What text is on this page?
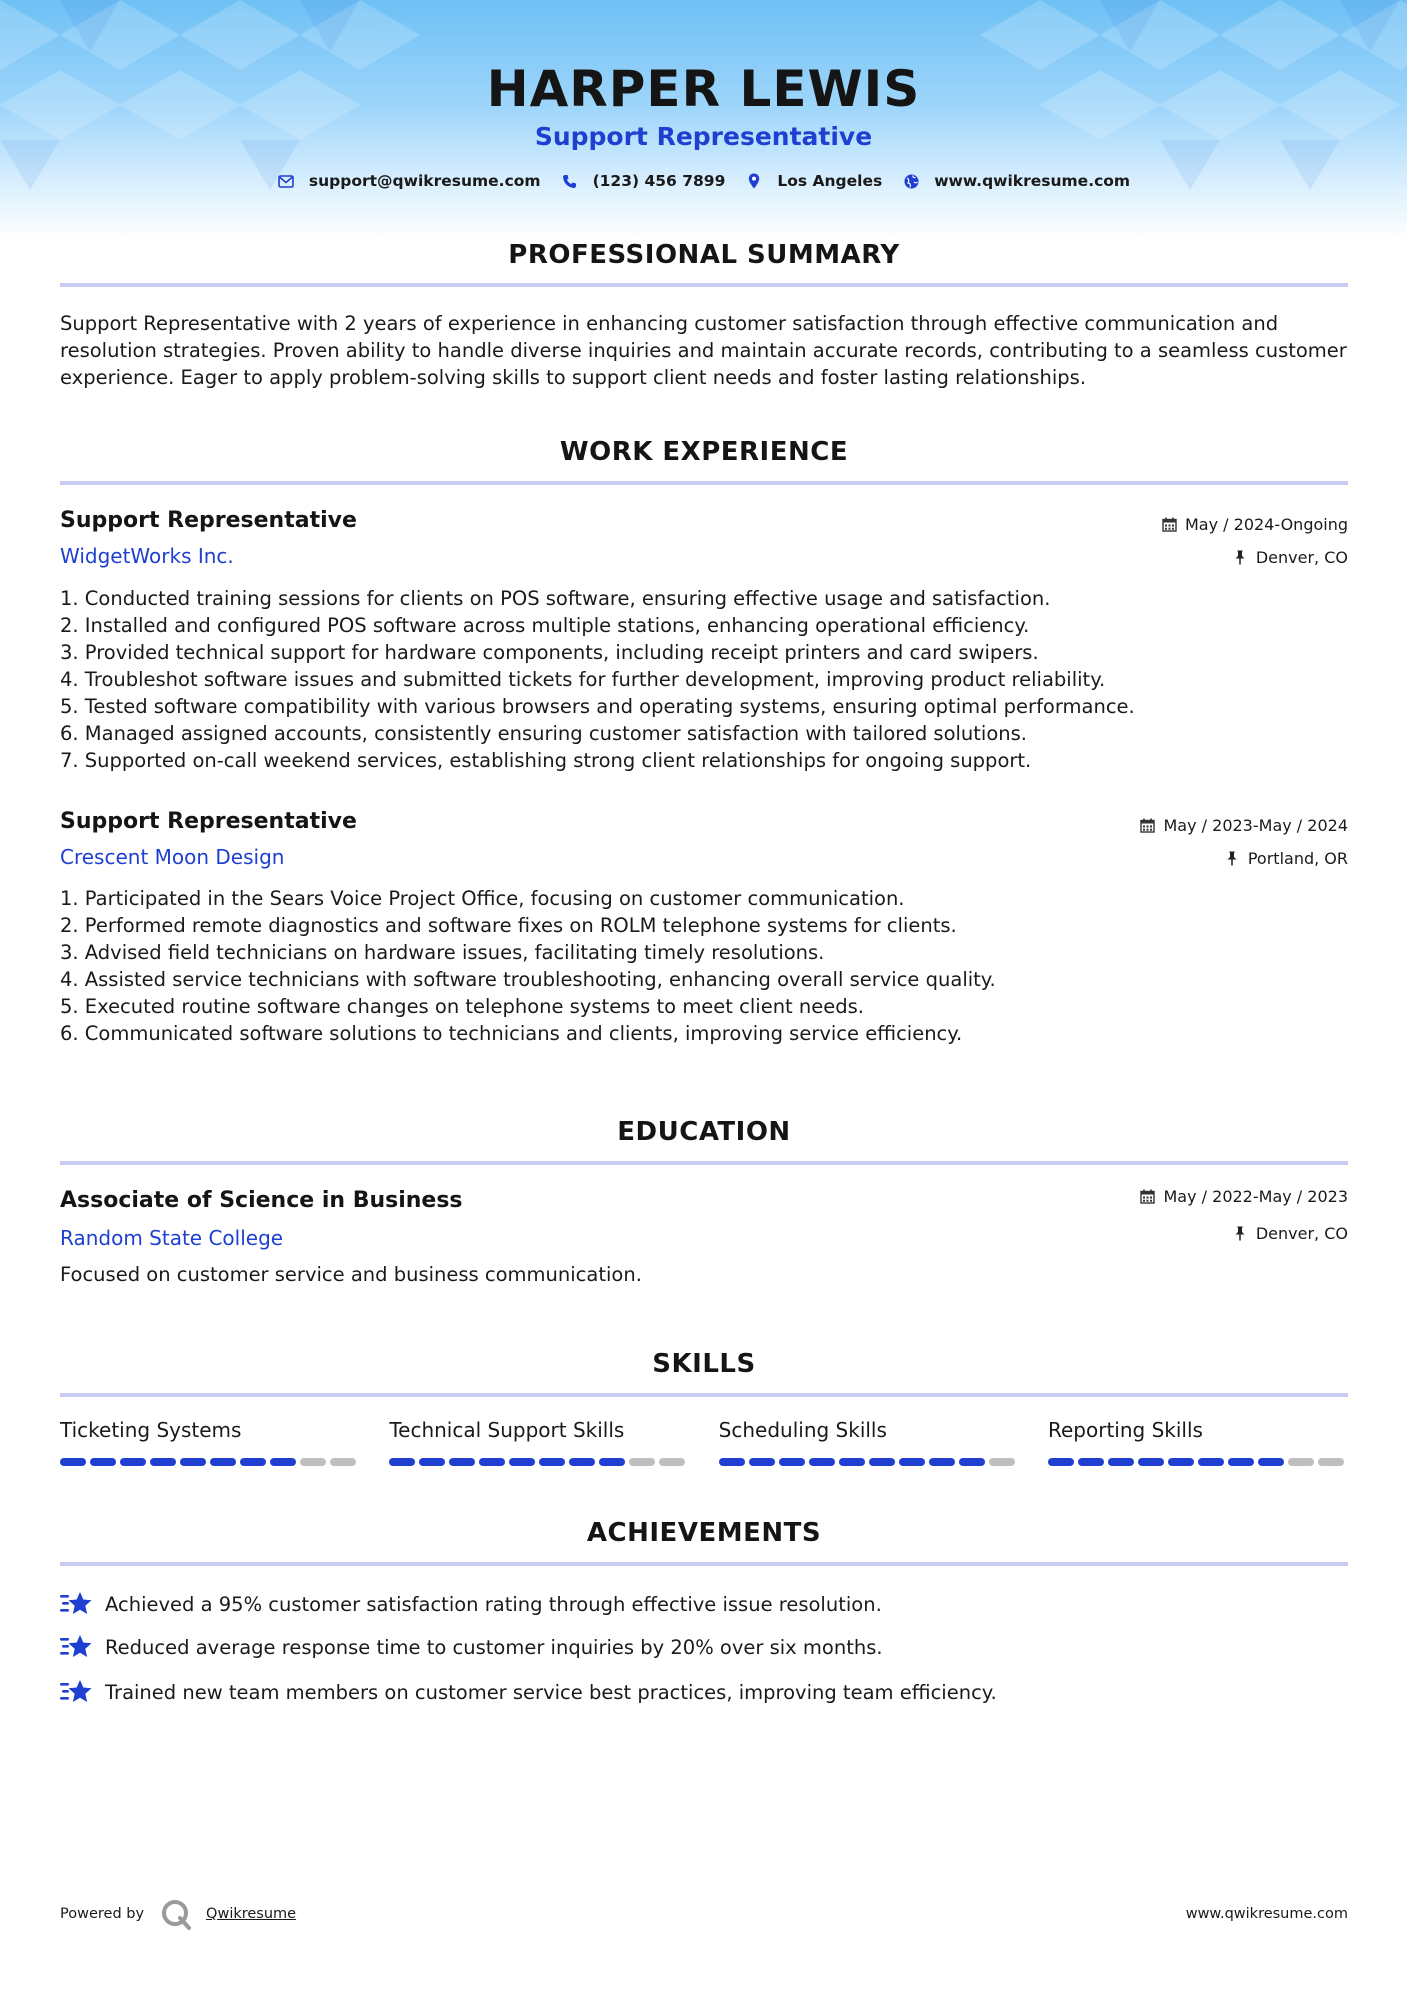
HARPER LEWIS
Support Representative
support@qwikresume.com	(123) 456 7899	Los Angeles	www.qwikresume.com
PROFESSIONAL SUMMARY
Support Representative with 2 years of experience in enhancing customer satisfaction through effective communication and resolution strategies. Proven ability to handle diverse inquiries and maintain accurate records, contributing to a seamless customer experience. Eager to apply problem-solving skills to support client needs and foster lasting relationships.
WORK EXPERIENCE
Support Representative
WidgetWorks Inc.
May / 2024-Ongoing
Denver, CO
1. Conducted training sessions for clients on POS software, ensuring effective usage and satisfaction.
2. Installed and configured POS software across multiple stations, enhancing operational efficiency.
3. Provided technical support for hardware components, including receipt printers and card swipers.
4. Troubleshot software issues and submitted tickets for further development, improving product reliability.
5. Tested software compatibility with various browsers and operating systems, ensuring optimal performance.
6. Managed assigned accounts, consistently ensuring customer satisfaction with tailored solutions.
7. Supported on-call weekend services, establishing strong client relationships for ongoing support.
Support Representative
Crescent Moon Design
May / 2023-May / 2024
Portland, OR
1. Participated in the Sears Voice Project Office, focusing on customer communication.
2. Performed remote diagnostics and software fixes on ROLM telephone systems for clients.
3. Advised field technicians on hardware issues, facilitating timely resolutions.
4. Assisted service technicians with software troubleshooting, enhancing overall service quality.
5. Executed routine software changes on telephone systems to meet client needs.
6. Communicated software solutions to technicians and clients, improving service efficiency.
EDUCATION
Associate of Science in Business
Random State College
May / 2022-May / 2023
Denver, CO
Focused on customer service and business communication.
SKILLS
Ticketing Systems	Technical Support Skills	Scheduling Skills	Reporting Skills
ACHIEVEMENTS
Achieved a 95% customer satisfaction rating through effective issue resolution.
Reduced average response time to customer inquiries by 20% over six months.
Trained new team members on customer service best practices, improving team efficiency.
Powered by	Qwikresume	www.qwikresume.com
